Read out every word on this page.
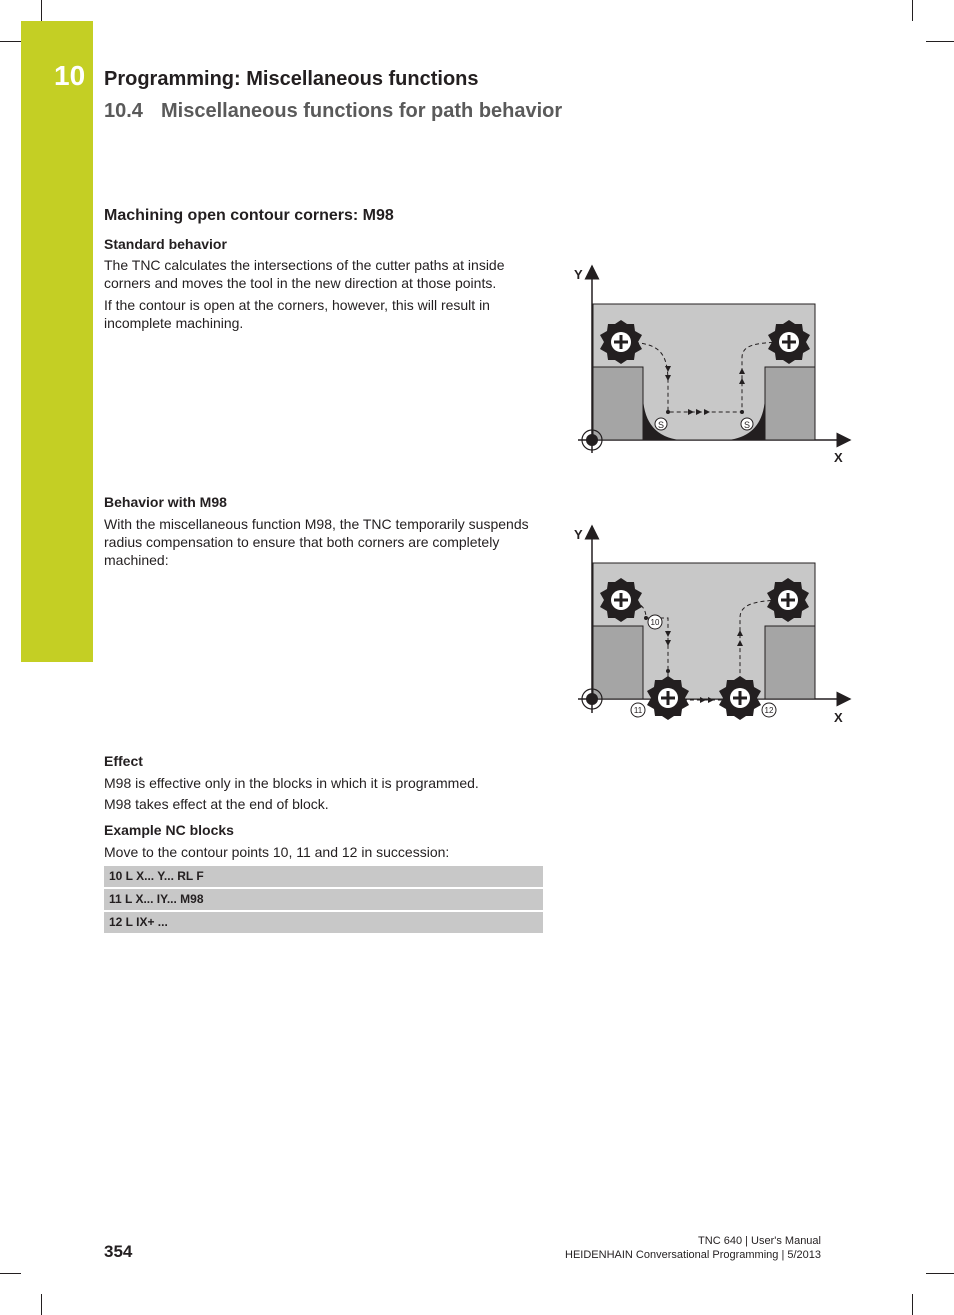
10 Programming: Miscellaneous functions
10.4 Miscellaneous functions for path behavior
Machining open contour corners: M98
Standard behavior
The TNC calculates the intersections of the cutter paths at inside corners and moves the tool in the new direction at those points.
If the contour is open at the corners, however, this will result in incomplete machining.
Behavior with M98
With the miscellaneous function M98, the TNC temporarily suspends radius compensation to ensure that both corners are completely machined:
Effect
M98 is effective only in the blocks in which it is programmed.
M98 takes effect at the end of block.
Example NC blocks
Move to the contour points 10, 11 and 12 in succession:
10 L X... Y... RL F
11 L X... IY... M98
12 L IX+ ...
Y
X
S	S
Y
X
10
11	12
354
TNC 640 | User's Manual
HEIDENHAIN Conversational Programming | 5/2013
